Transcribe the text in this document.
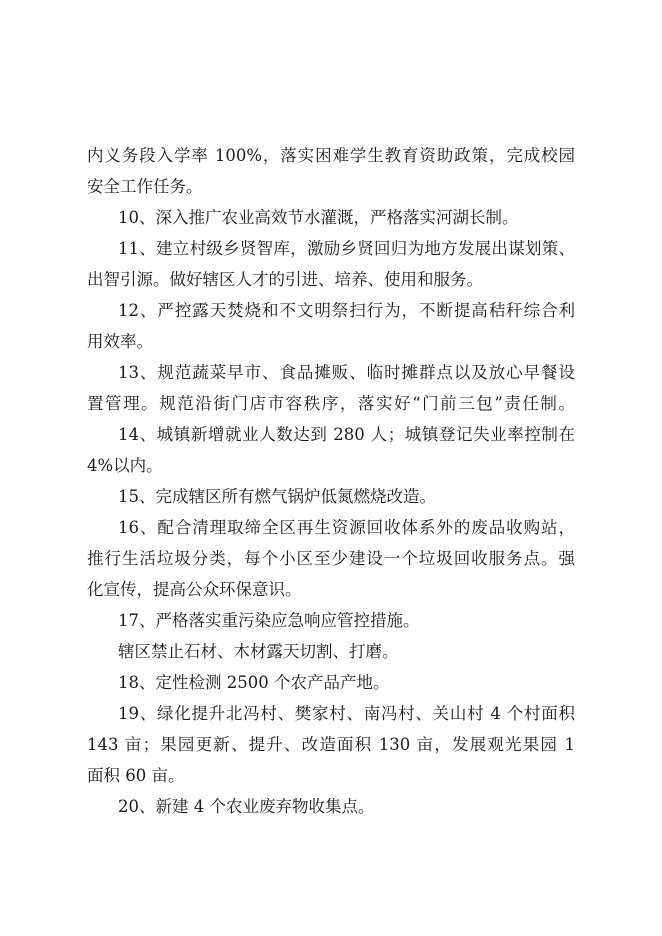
内义务段入学率 100%，落实困难学生教育资助政策，完成校园
安全工作任务。
10、深入推广农业高效节水灌溉，严格落实河湖长制。
11、建立村级乡贤智库，激励乡贤回归为地方发展出谋划策、
出智引源。做好辖区人才的引进、培养、使用和服务。
12、严控露天焚烧和不文明祭扫行为，不断提高秸秆综合利
用效率。
13、规范蔬菜早市、食品摊贩、临时摊群点以及放心早餐设
置管理。规范沿街门店市容秩序，落实好“门前三包”责任制。
14、城镇新增就业人数达到 280 人；城镇登记失业率控制在
4%以内。
15、完成辖区所有燃气锅炉低氮燃烧改造。
16、配合清理取缔全区再生资源回收体系外的废品收购站，
推行生活垃圾分类，每个小区至少建设一个垃圾回收服务点。强
化宣传，提高公众环保意识。
17、严格落实重污染应急响应管控措施。
辖区禁止石材、木材露天切割、打磨。
18、定性检测 2500 个农产品产地。
19、绿化提升北冯村、樊家村、南冯村、关山村 4 个村面积
143 亩；果园更新、提升、改造面积 130 亩，发展观光果园 1
面积 60 亩。
20、新建 4 个农业废弃物收集点。
